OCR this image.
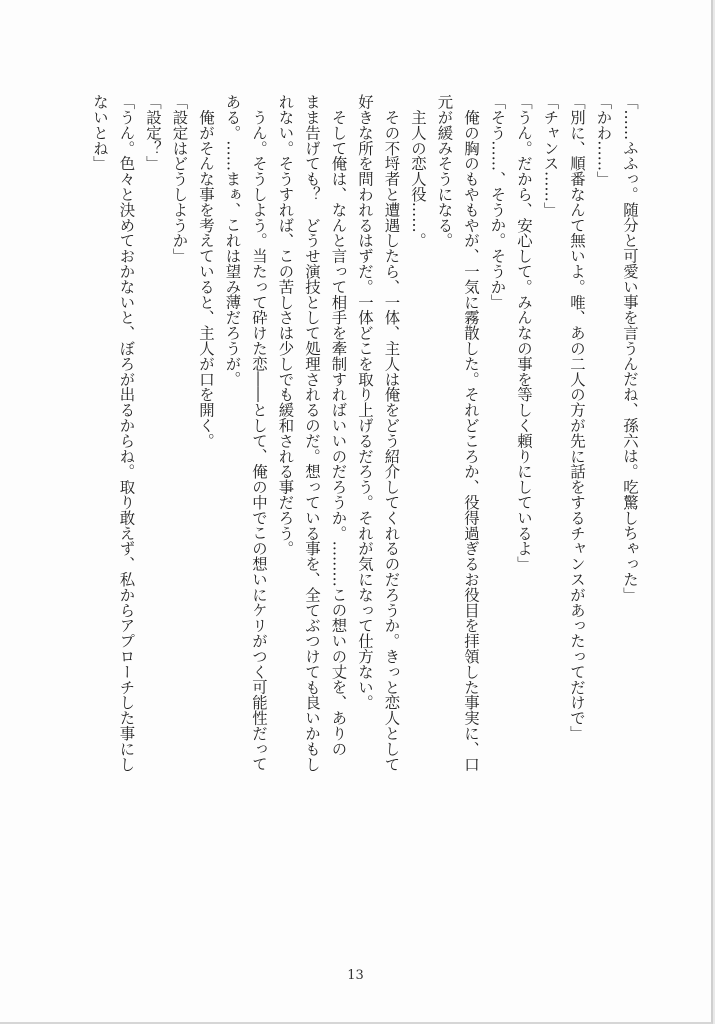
「……ふふっ。随分と可愛い事を言うんだね、孫六は。吃驚しちゃった」

「かわ……」

「別に、順番なんて無いよ。唯、あの二人の方が先に話をするチャンスがあったってだけで」

「チャンス……」

「うん。だから、安心して。みんなの事を等しく頼りにしているよ」

「そう……、そうか。そうか」

　俺の胸のもやもやが、一気に霧散した。それどころか、役得過ぎるお役目を拝領した事実に、口

元が緩みそうになる。

　主人の恋人役……。

　その不埒者と遭遇したら、一体、主人は俺をどう紹介してくれるのだろうか。きっと恋人として

好きな所を問われるはずだ。一体どこを取り上げるだろう。それが気になって仕方ない。

　そして俺は、なんと言って相手を牽制すればいいのだろうか。………この想いの丈を、ありの

まま告げても？　どうせ演技として処理されるのだ。想っている事を、全てぶつけても良いかもし

れない。そうすれば、この苦しさは少しでも緩和される事だろう。

　うん。そうしよう。当たって砕けた恋――として、俺の中でこの想いにケリがつく可能性だって

ある。……まぁ、これは望み薄だろうが。

　俺がそんな事を考えていると、主人が口を開く。

「設定はどうしようか」

「設定？」

「うん。色々と決めておかないと、ぼろが出るからね。取り敢えず、私からアプローチした事にし

ないとね」

13
